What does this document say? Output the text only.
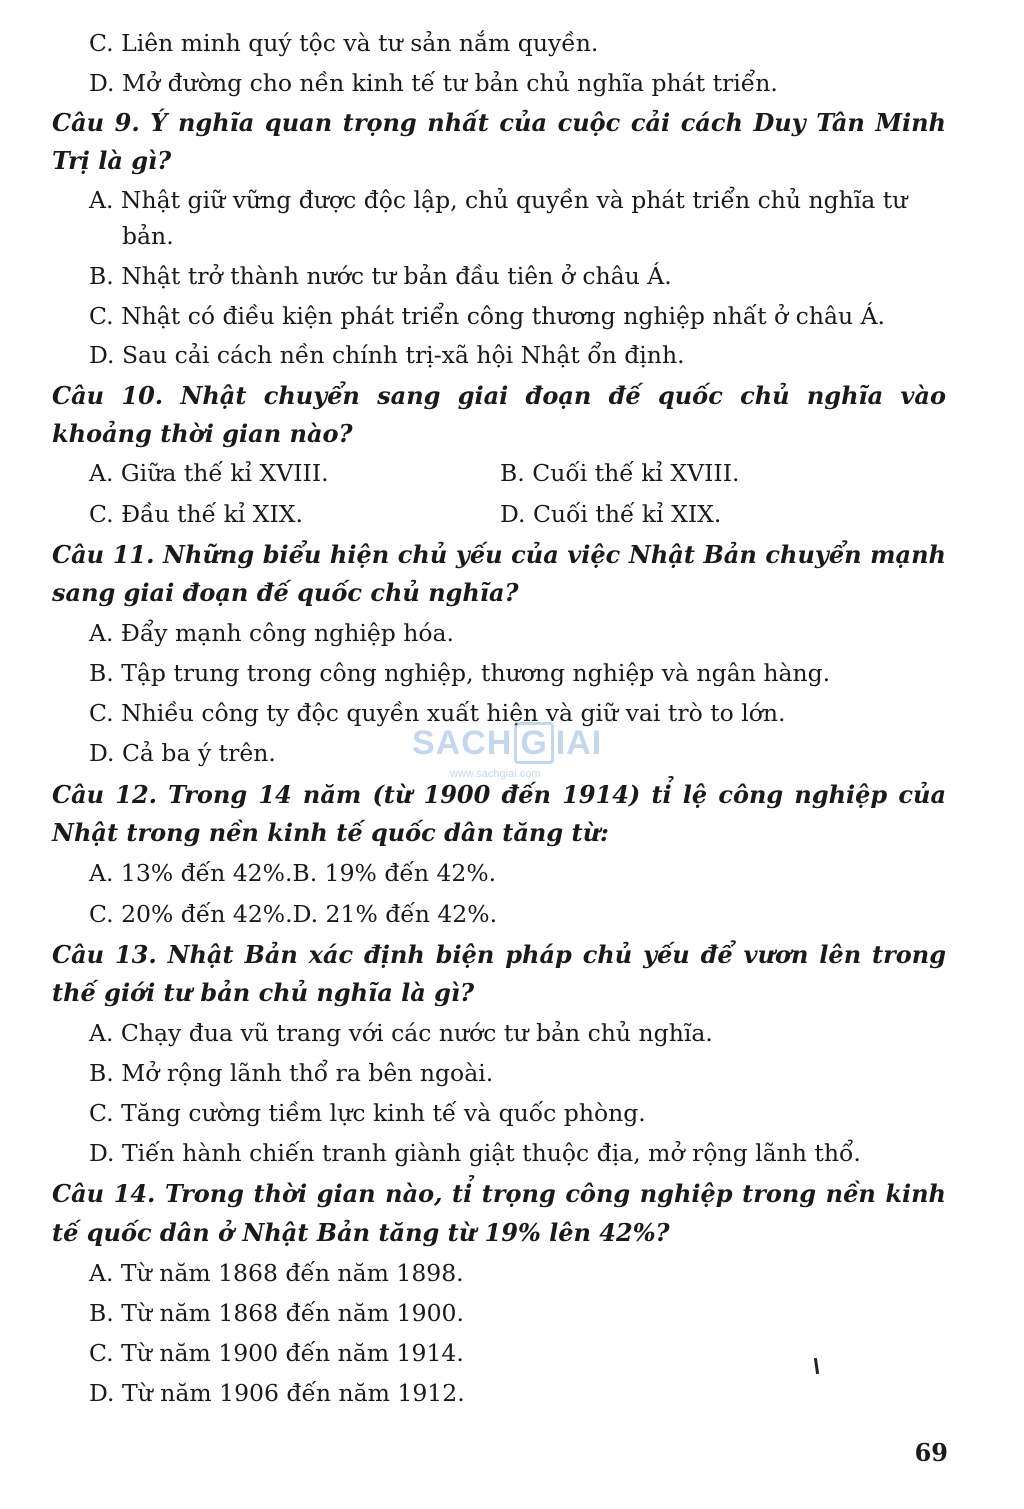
C. Liên minh quý tộc và tư sản nắm quyền.
D. Mở đường cho nền kinh tế tư bản chủ nghĩa phát triển.
Câu 9. Ý nghĩa quan trọng nhất của cuộc cải cách Duy Tân Minh
Trị là gì?
A. Nhật giữ vững được độc lập, chủ quyền và phát triển chủ nghĩa tư
bản.
B. Nhật trở thành nước tư bản đầu tiên ở châu Á.
C. Nhật có điều kiện phát triển công thương nghiệp nhất ở châu Á.
D. Sau cải cách nền chính trị-xã hội Nhật ổn định.
Câu 10. Nhật chuyển sang giai đoạn đế quốc chủ nghĩa vào
khoảng thời gian nào?
A. Giữa thế kỉ XVIII.	B. Cuối thế kỉ XVIII.
C. Đầu thế kỉ XIX.	D. Cuối thế kỉ XIX.
Câu 11. Những biểu hiện chủ yếu của việc Nhật Bản chuyển mạnh
sang giai đoạn đế quốc chủ nghĩa?
A. Đẩy mạnh công nghiệp hóa.
B. Tập trung trong công nghiệp, thương nghiệp và ngân hàng.
C. Nhiều công ty độc quyền xuất hiện và giữ vai trò to lớn.
D. Cả ba ý trên.
Câu 12. Trong 14 năm (từ 1900 đến 1914) tỉ lệ công nghiệp của
Nhật trong nền kinh tế quốc dân tăng từ:
A. 13% đến 42%.B. 19% đến 42%.
C. 20% đến 42%.D. 21% đến 42%.
Câu 13. Nhật Bản xác định biện pháp chủ yếu để vươn lên trong
thế giới tư bản chủ nghĩa là gì?
A. Chạy đua vũ trang với các nước tư bản chủ nghĩa.
B. Mở rộng lãnh thổ ra bên ngoài.
C. Tăng cường tiềm lực kinh tế và quốc phòng.
D. Tiến hành chiến tranh giành giật thuộc địa, mở rộng lãnh thổ.
Câu 14. Trong thời gian nào, tỉ trọng công nghiệp trong nền kinh
tế quốc dân ở Nhật Bản tăng từ 19% lên 42%?
A. Từ năm 1868 đến năm 1898.
B. Từ năm 1868 đến năm 1900.
C. Từ năm 1900 đến năm 1914.
D. Từ năm 1906 đến năm 1912.
SACH G IAI
www.sachgiai.com
69
